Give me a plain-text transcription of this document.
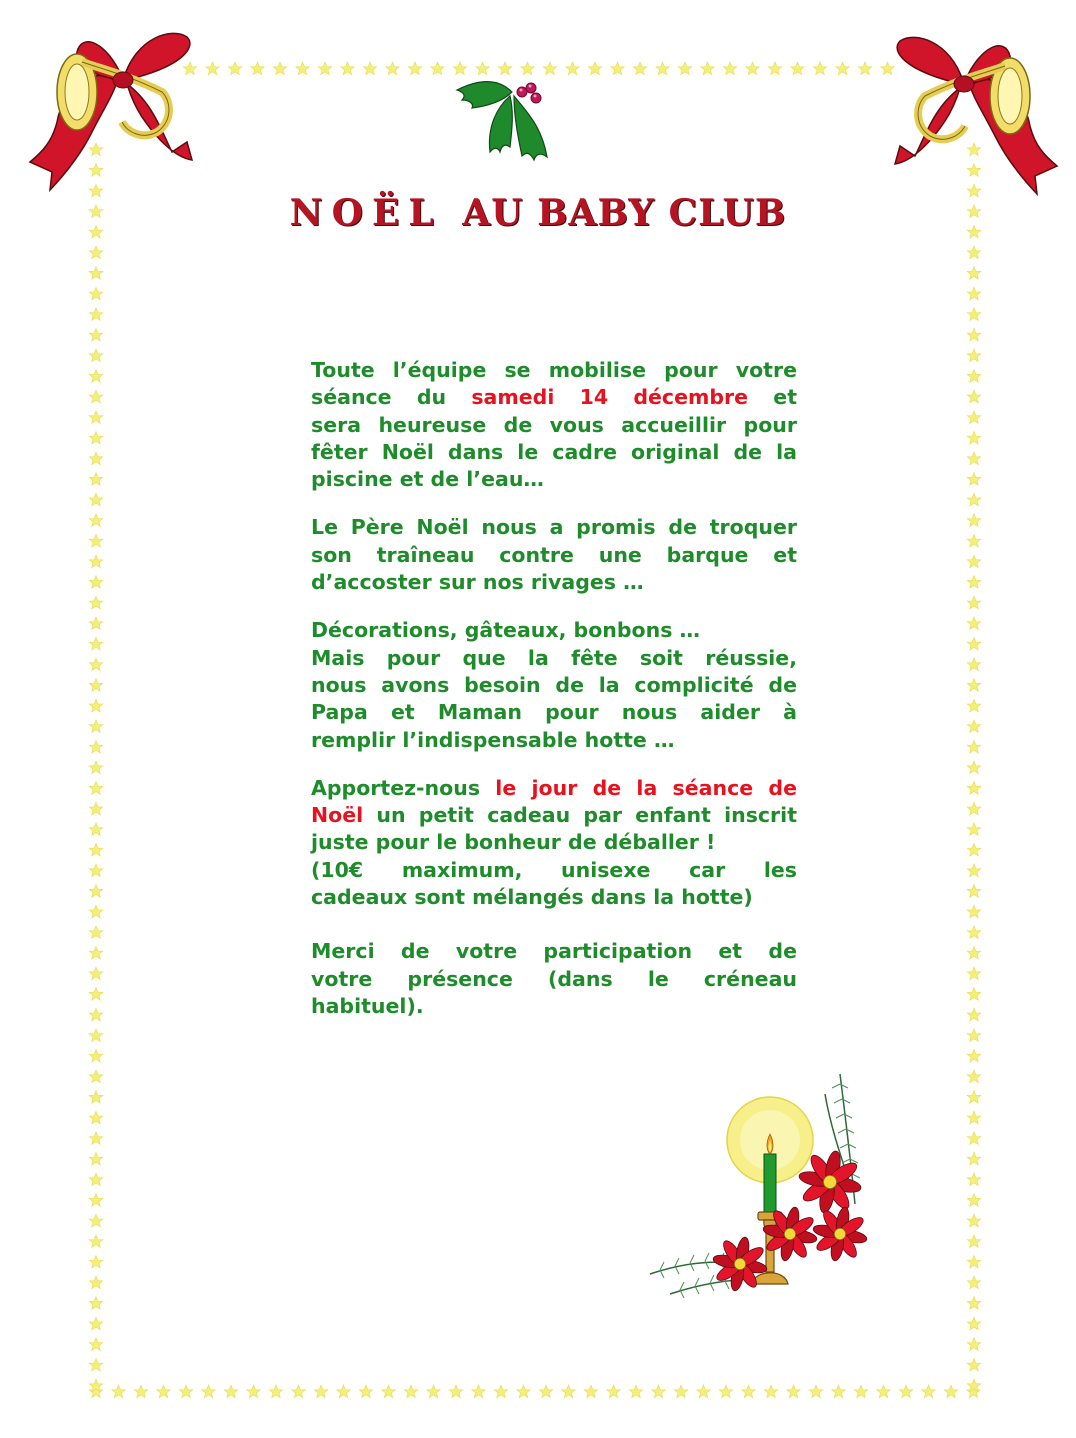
NOËL AU BABY CLUB
Toute l’équipe se mobilise pour votre
séance du samedi 14 décembre et
sera heureuse de vous accueillir pour
fêter Noël dans le cadre original de la
piscine et de l’eau…
Le Père Noël nous a promis de troquer
son traîneau contre une barque et
d’accoster sur nos rivages …
Décorations, gâteaux, bonbons …
Mais pour que la fête soit réussie,
nous avons besoin de la complicité de
Papa et Maman pour nous aider à
remplir l’indispensable hotte …
Apportez-nous le jour de la séance de
Noël un petit cadeau par enfant inscrit
juste pour le bonheur de déballer !
(10€ maximum, unisexe car les
cadeaux sont mélangés dans la hotte)
Merci de votre participation et de
votre présence (dans le créneau
habituel).
